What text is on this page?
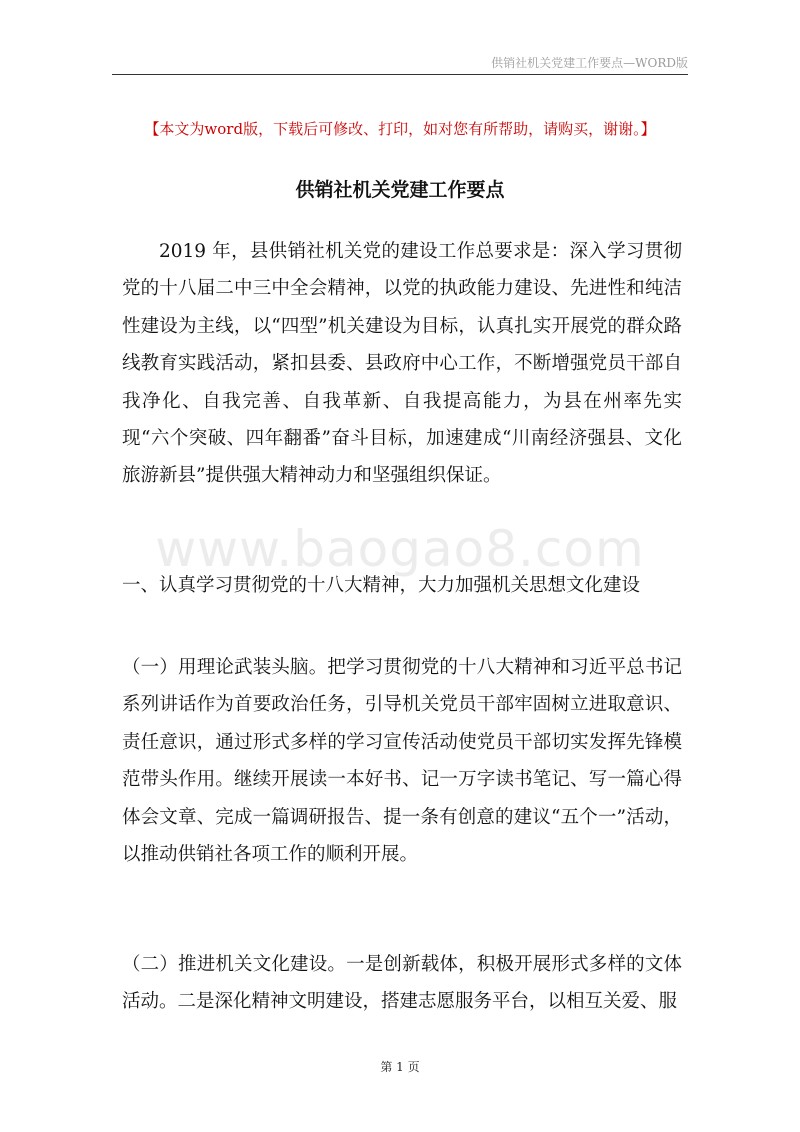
供销社机关党建工作要点—WORD版
【本文为word版，下载后可修改、打印，如对您有所帮助，请购买，谢谢。】
供销社机关党建工作要点
2019 年，县供销社机关党的建设工作总要求是：深入学习贯彻党的十八届二中三中全会精神，以党的执政能力建设、先进性和纯洁性建设为主线，以“四型”机关建设为目标，认真扎实开展党的群众路线教育实践活动，紧扣县委、县政府中心工作，不断增强党员干部自我净化、自我完善、自我革新、自我提高能力，为县在州率先实现“六个突破、四年翻番”奋斗目标，加速建成“川南经济强县、文化旅游新县”提供强大精神动力和坚强组织保证。
www.baogao8.com
一、认真学习贯彻党的十八大精神，大力加强机关思想文化建设
（一）用理论武装头脑。把学习贯彻党的十八大精神和习近平总书记系列讲话作为首要政治任务，引导机关党员干部牢固树立进取意识、责任意识，通过形式多样的学习宣传活动使党员干部切实发挥先锋模范带头作用。继续开展读一本好书、记一万字读书笔记、写一篇心得体会文章、完成一篇调研报告、提一条有创意的建议“五个一”活动，以推动供销社各项工作的顺利开展。
（二）推进机关文化建设。一是创新载体，积极开展形式多样的文体活动。二是深化精神文明建设，搭建志愿服务平台，以相互关爱、服
第 1 页
